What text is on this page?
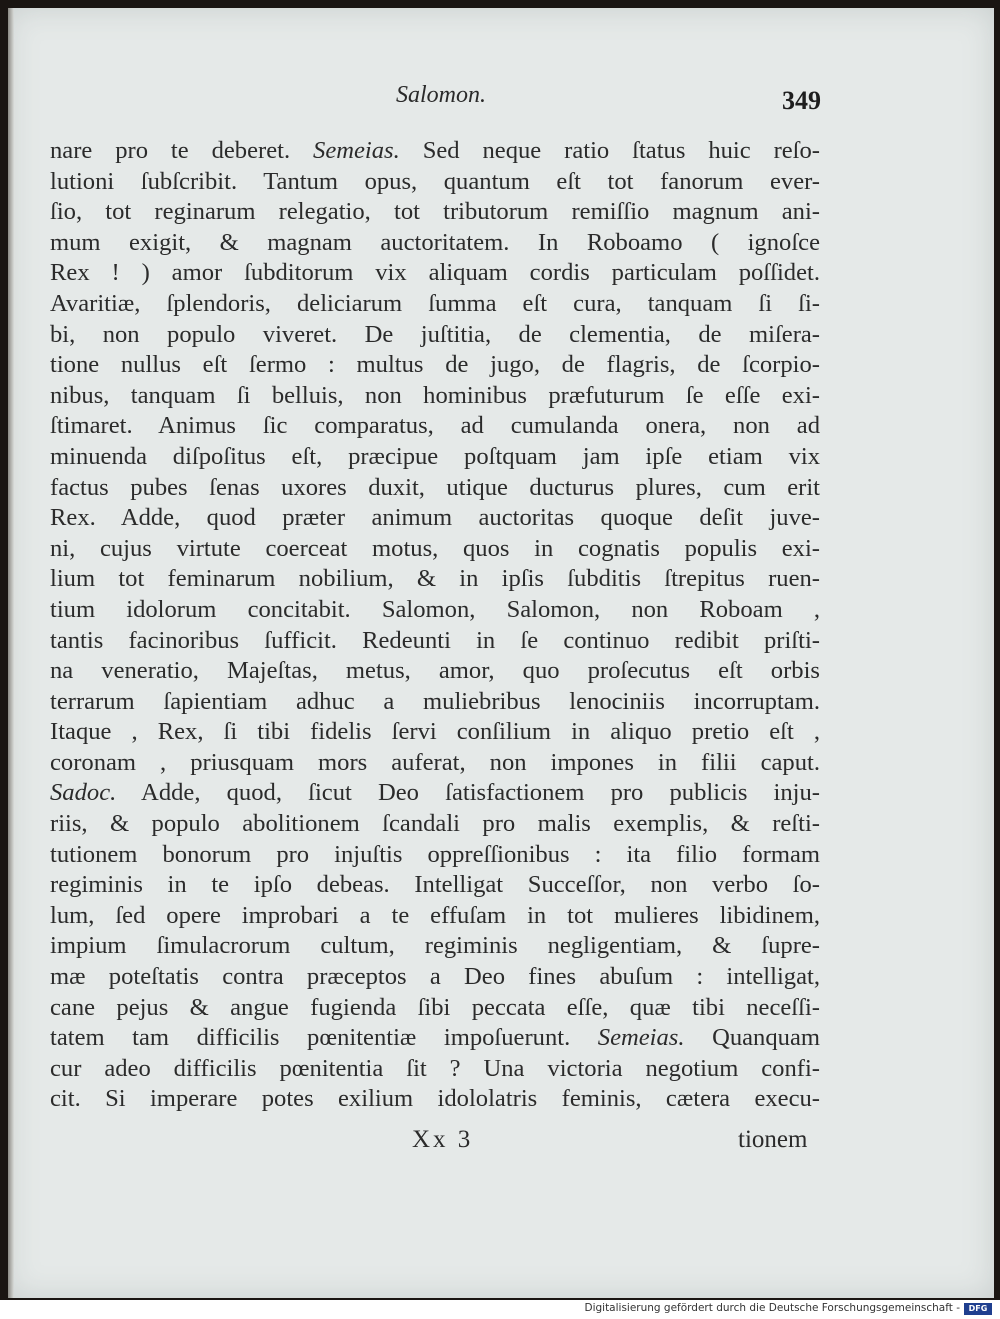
Salomon.	349
nare pro te deberet. Semeias. Sed neque ratio ſtatus huic reſo-
lutioni ſubſcribit. Tantum opus, quantum eſt tot fanorum ever-
ſio, tot reginarum relegatio, tot tributorum remiſſio magnum ani-
mum exigit, & magnam auctoritatem. In Roboamo ( ignoſce
Rex ! ) amor ſubditorum vix aliquam cordis particulam poſſidet.
Avaritiæ, ſplendoris, deliciarum ſumma eſt cura, tanquam ſi ſi-
bi, non populo viveret. De juſtitia, de clementia, de miſera-
tione nullus eſt ſermo : multus de jugo, de flagris, de ſcorpio-
nibus, tanquam ſi belluis, non hominibus præfuturum ſe eſſe exi-
ſtimaret. Animus ſic comparatus, ad cumulanda onera, non ad
minuenda diſpoſitus eſt, præcipue poſtquam jam ipſe etiam vix
factus pubes ſenas uxores duxit, utique ducturus plures, cum erit
Rex. Adde, quod præter animum auctoritas quoque deſit juve-
ni, cujus virtute coerceat motus, quos in cognatis populis exi-
lium tot feminarum nobilium, & in ipſis ſubditis ſtrepitus ruen-
tium idolorum concitabit. Salomon, Salomon, non Roboam ,
tantis facinoribus ſufficit. Redeunti in ſe continuo redibit priſti-
na veneratio, Majeſtas, metus, amor, quo proſecutus eſt orbis
terrarum ſapientiam adhuc a muliebribus lenociniis incorruptam.
Itaque , Rex, ſi tibi fidelis ſervi conſilium in aliquo pretio eſt ,
coronam , priusquam mors auferat, non impones in filii caput.
Sadoc. Adde, quod, ſicut Deo ſatisfactionem pro publicis inju-
riis, & populo abolitionem ſcandali pro malis exemplis, & reſti-
tutionem bonorum pro injuſtis oppreſſionibus : ita filio formam
regiminis in te ipſo debeas. Intelligat Succeſſor, non verbo ſo-
lum, ſed opere improbari a te effuſam in tot mulieres libidinem,
impium ſimulacrorum cultum, regiminis negligentiam, & ſupre-
mæ poteſtatis contra præceptos a Deo fines abuſum : intelligat,
cane pejus & angue fugienda ſibi peccata eſſe, quæ tibi neceſſi-
tatem tam difficilis pœnitentiæ impoſuerunt. Semeias. Quanquam
cur adeo difficilis pœnitentia ſit ? Una victoria negotium confi-
cit. Si imperare potes exilium idololatris feminis, cætera execu-
Xx 3	tionem
Digitalisierung gefördert durch die Deutsche Forschungsgemeinschaft -	DFG
